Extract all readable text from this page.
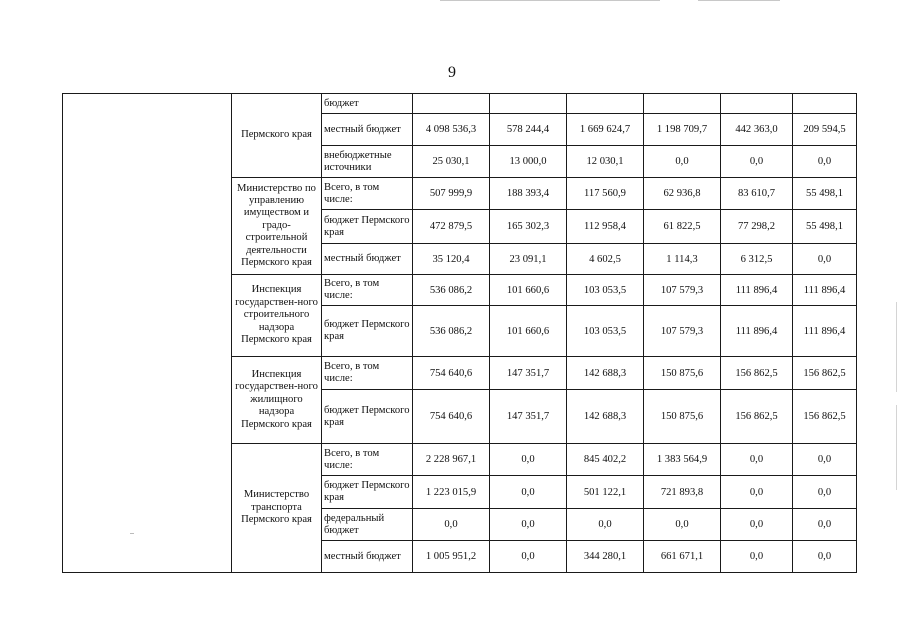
9
	Пермского края	бюджет						
		местный бюджет	4 098 536,3	578 244,4	1 669 624,7	1 198 709,7	442 363,0	209 594,5
		внебюджетные источники	25 030,1	13 000,0	12 030,1	0,0	0,0	0,0
	Министерство по управлению имуществом и градо-строительной деятельности Пермского края	Всего, в том числе:	507 999,9	188 393,4	117 560,9	62 936,8	83 610,7	55 498,1
		бюджет Пермского края	472 879,5	165 302,3	112 958,4	61 822,5	77 298,2	55 498,1
		местный бюджет	35 120,4	23 091,1	4 602,5	1 114,3	6 312,5	0,0
	Инспекция государствен-ного строительного надзора Пермского края	Всего, в том числе:	536 086,2	101 660,6	103 053,5	107 579,3	111 896,4	111 896,4
		бюджет Пермского края	536 086,2	101 660,6	103 053,5	107 579,3	111 896,4	111 896,4
	Инспекция государствен-ного жилищного надзора Пермского края	Всего, в том числе:	754 640,6	147 351,7	142 688,3	150 875,6	156 862,5	156 862,5
		бюджет Пермского края	754 640,6	147 351,7	142 688,3	150 875,6	156 862,5	156 862,5
	Министерство транспорта Пермского края	Всего, в том числе:	2 228 967,1	0,0	845 402,2	1 383 564,9	0,0	0,0
		бюджет Пермского края	1 223 015,9	0,0	501 122,1	721 893,8	0,0	0,0
		федеральный бюджет	0,0	0,0	0,0	0,0	0,0	0,0
		местный бюджет	1 005 951,2	0,0	344 280,1	661 671,1	0,0	0,0
